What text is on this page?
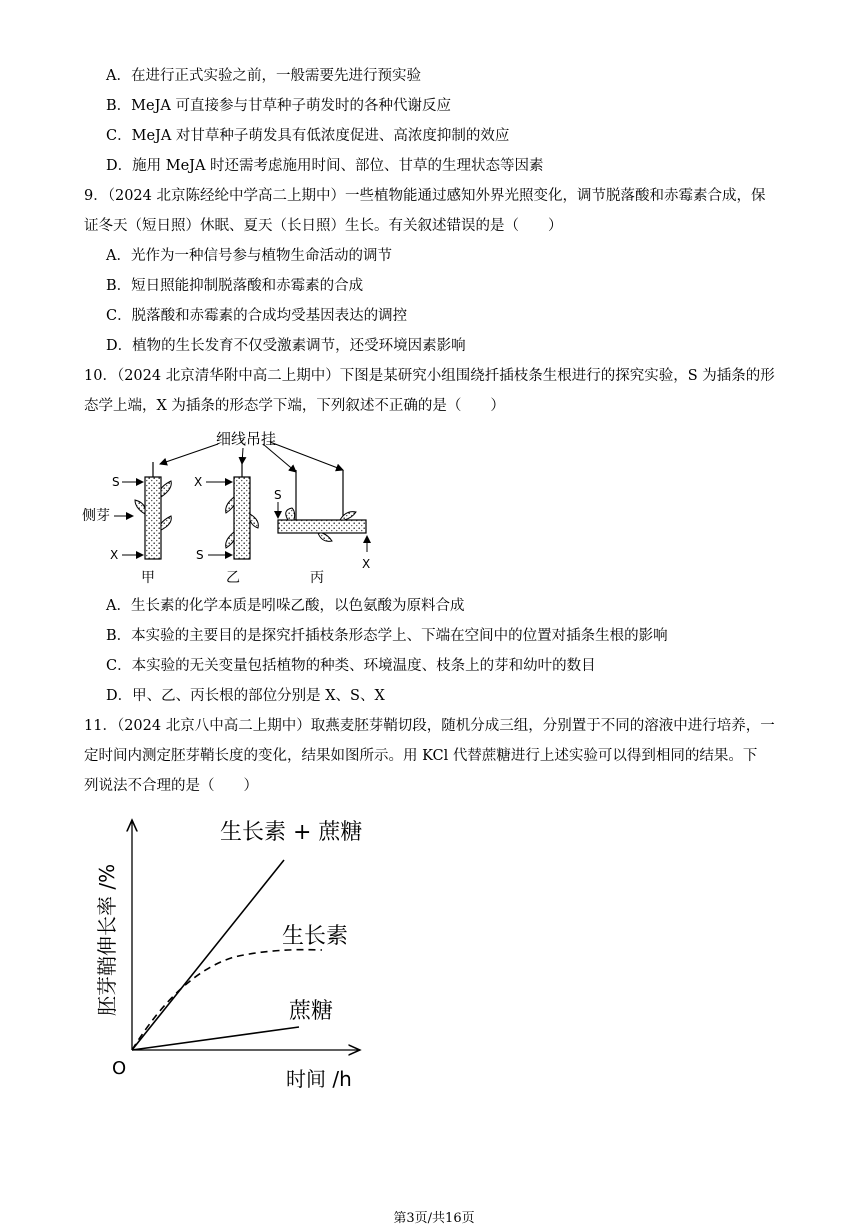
A．在进行正式实验之前，一般需要先进行预实验
B．MeJA 可直接参与甘草种子萌发时的各种代谢反应
C．MeJA 对甘草种子萌发具有低浓度促进、高浓度抑制的效应
D．施用 MeJA 时还需考虑施用时间、部位、甘草的生理状态等因素
9．（2024 北京陈经纶中学高二上期中）一些植物能通过感知外界光照变化，调节脱落酸和赤霉素合成，保
证冬天（短日照）休眠、夏天（长日照）生长。有关叙述错误的是（　　）
A．光作为一种信号参与植物生命活动的调节
B．短日照能抑制脱落酸和赤霉素的合成
C．脱落酸和赤霉素的合成均受基因表达的调控
D．植物的生长发育不仅受激素调节，还受环境因素影响
10．（2024 北京清华附中高二上期中）下图是某研究小组围绕扦插枝条生根进行的探究实验，S 为插条的形
态学上端，X 为插条的形态学下端，下列叙述不正确的是（　　）
细线吊挂
S
侧芽
X
甲
X
S
乙
S
X
丙
A．生长素的化学本质是吲哚乙酸，以色氨酸为原料合成
B．本实验的主要目的是探究扦插枝条形态学上、下端在空间中的位置对插条生根的影响
C．本实验的无关变量包括植物的种类、环境温度、枝条上的芽和幼叶的数目
D．甲、乙、丙长根的部位分别是 X、S、X
11．（2024 北京八中高二上期中）取燕麦胚芽鞘切段，随机分成三组，分别置于不同的溶液中进行培养，一
定时间内测定胚芽鞘长度的变化，结果如图所示。用 KCl 代替蔗糖进行上述实验可以得到相同的结果。下
列说法不合理的是（　　）
O	时间 /h
胚芽鞘伸长率 /%
生长素 + 蔗糖
生长素
蔗糖
第3页/共16页
